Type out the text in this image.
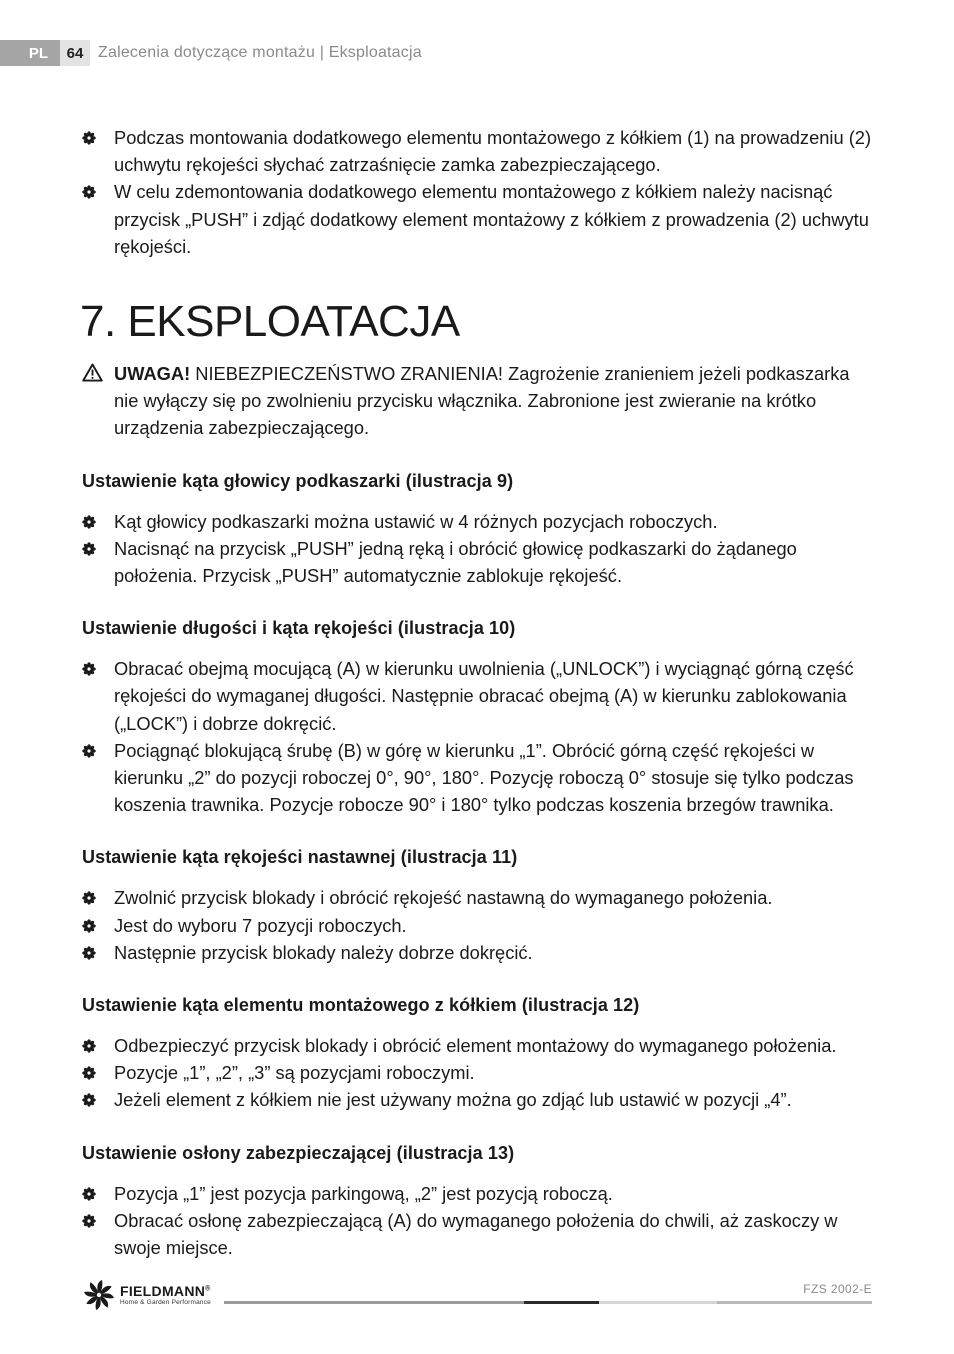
PL	64 Zalecenia dotyczące montażu | Eksploatacja
Podczas montowania dodatkowego elementu montażowego z kółkiem (1) na prowadzeniu (2) uchwytu rękojeści słychać zatrzaśnięcie zamka zabezpieczającego.
W celu zdemontowania dodatkowego elementu montażowego z kółkiem należy nacisnąć przycisk „PUSH” i zdjąć dodatkowy element montażowy z kółkiem z prowadzenia (2) uchwytu rękojeści.
7. EKSPLOATACJA
UWAGA! NIEBEZPIECZEŃSTWO ZRANIENIA! Zagrożenie zranieniem jeżeli podkaszarka nie wyłączy się po zwolnieniu przycisku włącznika. Zabronione jest zwieranie na krótko urządzenia zabezpieczającego.
Ustawienie kąta głowicy podkaszarki (ilustracja 9)
Kąt głowicy podkaszarki można ustawić w 4 różnych pozycjach roboczych.
Nacisnąć na przycisk „PUSH” jedną ręką i obrócić głowicę podkaszarki do żądanego położenia. Przycisk „PUSH” automatycznie zablokuje rękojeść.
Ustawienie długości i kąta rękojeści (ilustracja 10)
Obracać obejmą mocującą (A) w kierunku uwolnienia („UNLOCK”) i wyciągnąć górną część rękojeści do wymaganej długości. Następnie obracać obejmą (A) w kierunku zablokowania („LOCK”) i dobrze dokręcić.
Pociągnąć blokującą śrubę (B) w górę w kierunku „1”. Obrócić górną część rękojeści w kierunku „2” do pozycji roboczej 0°, 90°, 180°. Pozycję roboczą 0° stosuje się tylko podczas koszenia trawnika. Pozycje robocze 90° i 180° tylko podczas koszenia brzegów trawnika.
Ustawienie kąta rękojeści nastawnej (ilustracja 11)
Zwolnić przycisk blokady i obrócić rękojeść nastawną do wymaganego położenia.
Jest do wyboru 7 pozycji roboczych.
Następnie przycisk blokady należy dobrze dokręcić.
Ustawienie kąta elementu montażowego z kółkiem (ilustracja 12)
Odbezpieczyć przycisk blokady i obrócić element montażowy do wymaganego położenia.
Pozycje „1”, „2”, „3” są pozycjami roboczymi.
Jeżeli element z kółkiem nie jest używany można go zdjąć lub ustawić w pozycji „4”.
Ustawienie osłony zabezpieczającej (ilustracja 13)
Pozycja „1” jest pozycja parkingową, „2” jest pozycją roboczą.
Obracać osłonę zabezpieczającą (A) do wymaganego położenia do chwili, aż zaskoczy w swoje miejsce.
FIELDMANN®
Home & Garden Performance
FZS 2002-E
